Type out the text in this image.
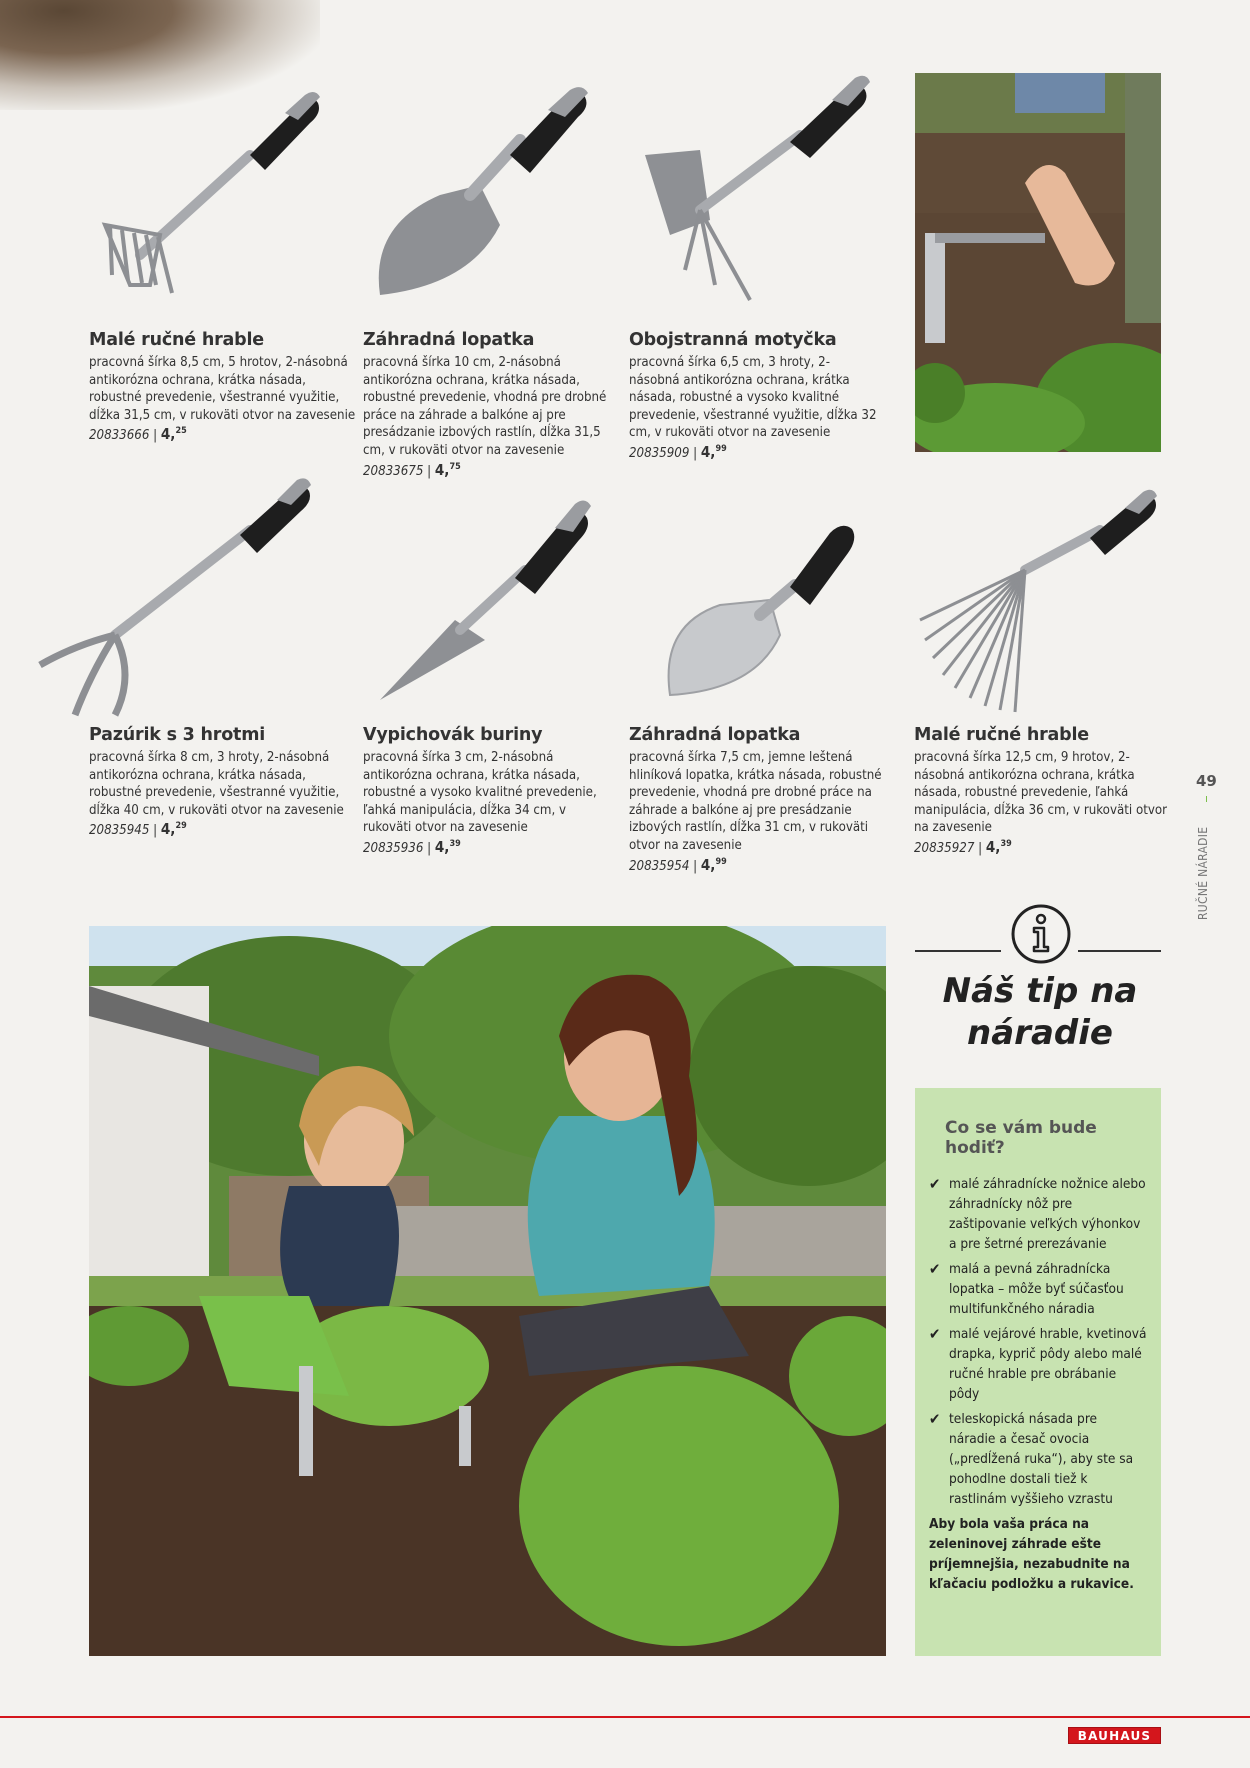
Malé ručné hrable

pracovná šírka 8,5 cm, 5 hrotov, 2-násobná antikorózna ochrana, krátka násada, robustné prevedenie, všestranné využitie, dĺžka 31,5 cm, v rukoväti otvor na zavesenie

20833666 | 4,25
Záhradná lopatka

pracovná šírka 10 cm, 2-násobná antikorózna ochrana, krátka násada, robustné prevedenie, vhodná pre drobné práce na záhrade a balkóne aj pre presádzanie izbových rastlín, dĺžka 31,5 cm, v rukoväti otvor na zavesenie

20833675 | 4,75
Obojstranná motyčka

pracovná šírka 6,5 cm, 3 hroty, 2-násobná antikorózna ochrana, krátka násada, robustné a vysoko kvalitné prevedenie, všestranné využitie, dĺžka 32 cm, v rukoväti otvor na zavesenie

20835909 | 4,99
Pazúrik s 3 hrotmi

pracovná šírka 8 cm, 3 hroty, 2-násobná antikorózna ochrana, krátka násada, robustné prevedenie, všestranné využitie, dĺžka 40 cm, v rukoväti otvor na zavesenie

20835945 | 4,29
Vypichovák buriny

pracovná šírka 3 cm, 2-násobná antikorózna ochrana, krátka násada, robustné a vysoko kvalitné prevedenie, ľahká manipulácia, dĺžka 34 cm, v rukoväti otvor na zavesenie

20835936 | 4,39
Záhradná lopatka

pracovná šírka 7,5 cm, jemne leštená hliníková lopatka, krátka násada, robustné prevedenie, vhodná pre drobné práce na záhrade a balkóne aj pre presádzanie izbových rastlín, dĺžka 31 cm, v rukoväti otvor na zavesenie

20835954 | 4,99
Malé ručné hrable

pracovná šírka 12,5 cm, 9 hrotov, 2-násobná antikorózna ochrana, krátka násada, robustné prevedenie, ľahká manipulácia, dĺžka 36 cm, v rukoväti otvor na zavesenie

20835927 | 4,39
49
RUČNÉ NÁRADIE
Náš tip na náradie
Co se vám bude hodiť?
✔ malé záhradnícke nožnice alebo záhradnícky nôž pre zaštipovanie veľkých výhonkov a pre šetrné prerezávanie
✔ malá a pevná záhradnícka lopatka – môže byť súčasťou multifunkčného náradia
✔ malé vejárové hrable, kvetinová drapka, kyprič pôdy alebo malé ručné hrable pre obrábanie pôdy
✔ teleskopická násada pre náradie a česač ovocia („predĺžená ruka“), aby ste sa pohodlne dostali tiež k rastlinám vyššieho vzrastu

Aby bola vaša práca na zeleninovej záhrade ešte príjemnejšia, nezabudnite na kľačaciu podložku a rukavice.

BAUHAUS
